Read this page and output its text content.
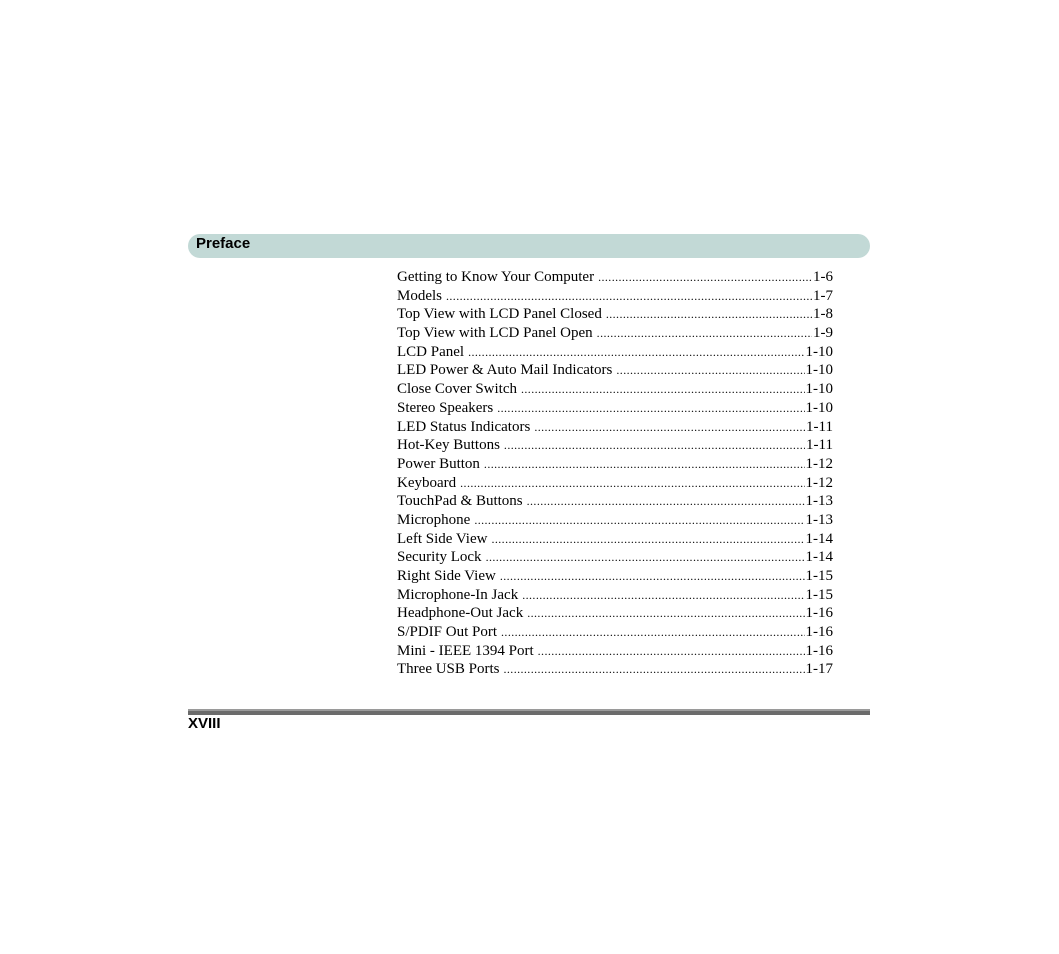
Preface
Getting to Know Your Computer .....	1-6
Models .....	1-7
Top View with LCD Panel Closed .....	1-8
Top View with LCD Panel Open .....	1-9
LCD Panel .....	1-10
LED Power & Auto Mail Indicators .....	1-10
Close Cover Switch .....	1-10
Stereo Speakers .....	1-10
LED Status Indicators .....	1-11
Hot-Key Buttons .....	1-11
Power Button .....	1-12
Keyboard .....	1-12
TouchPad & Buttons .....	1-13
Microphone .....	1-13
Left Side View .....	1-14
Security Lock .....	1-14
Right Side View .....	1-15
Microphone-In Jack .....	1-15
Headphone-Out Jack .....	1-16
S/PDIF Out Port .....	1-16
Mini - IEEE 1394 Port .....	1-16
Three USB Ports .....	1-17
XVIII
